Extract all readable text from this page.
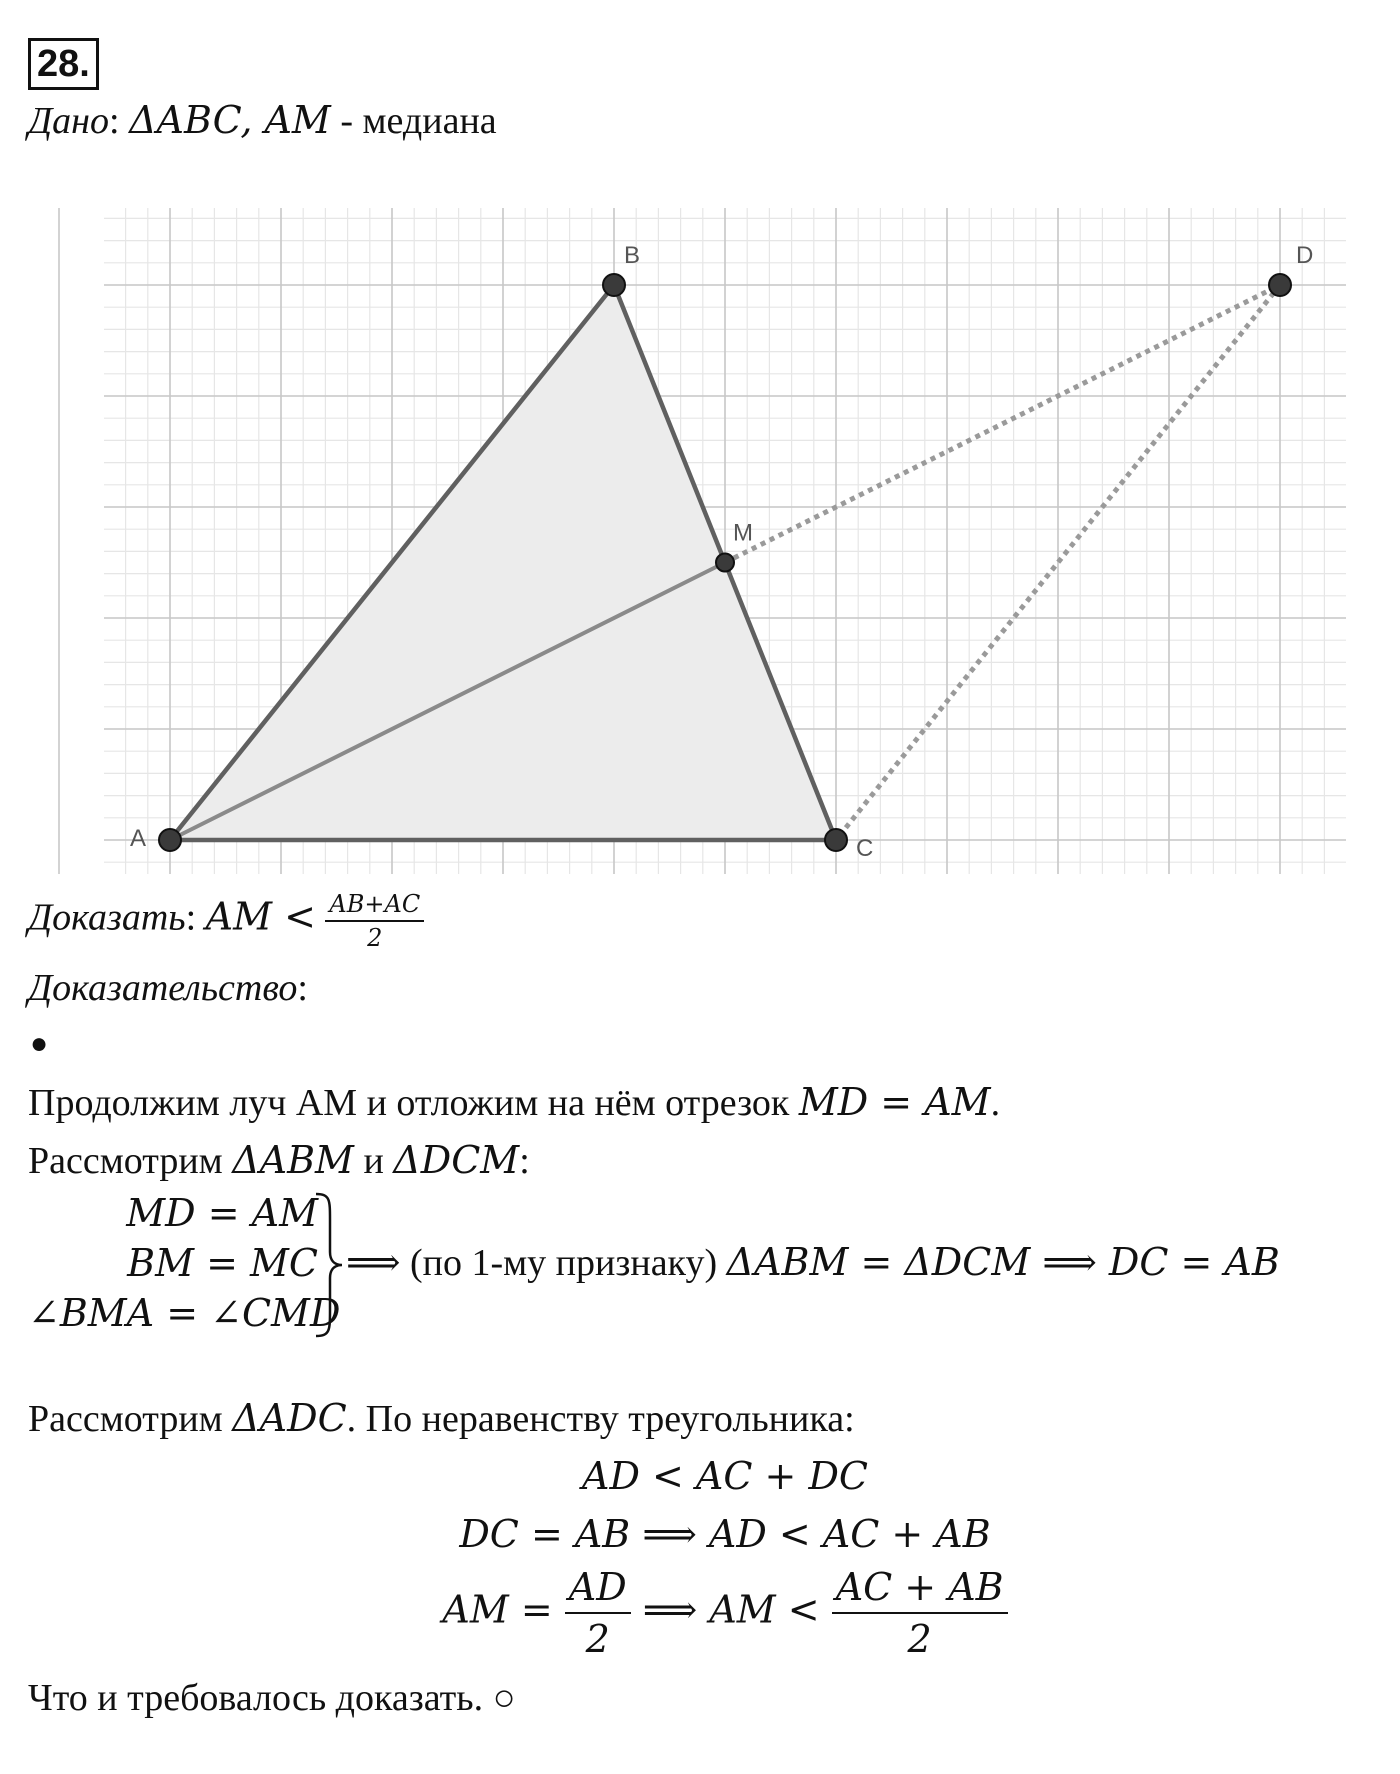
28.
Дано: ΔABC, AM - медиана
A
B
C
M
D
Доказать: AM < $\frac{AB+AC}{2}$
Доказательство:
●
Продолжим луч AM и отложим на нём отрезок MD = AM.
Рассмотрим ΔABM и ΔDCM:
MD = AM
BM = MC
∠BMA = ∠CMD
⟹ (по 1-му признаку) ΔABM = ΔDCM ⟹ DC = AB
Рассмотрим ΔADC. По неравенству треугольника:
AD < AC + DC
DC = AB ⟹ AD < AC + AB
AM = $\frac{AD}{2}$ ⟹ AM < $\frac{AC + AB}{2}$
Что и требовалось доказать. ○
